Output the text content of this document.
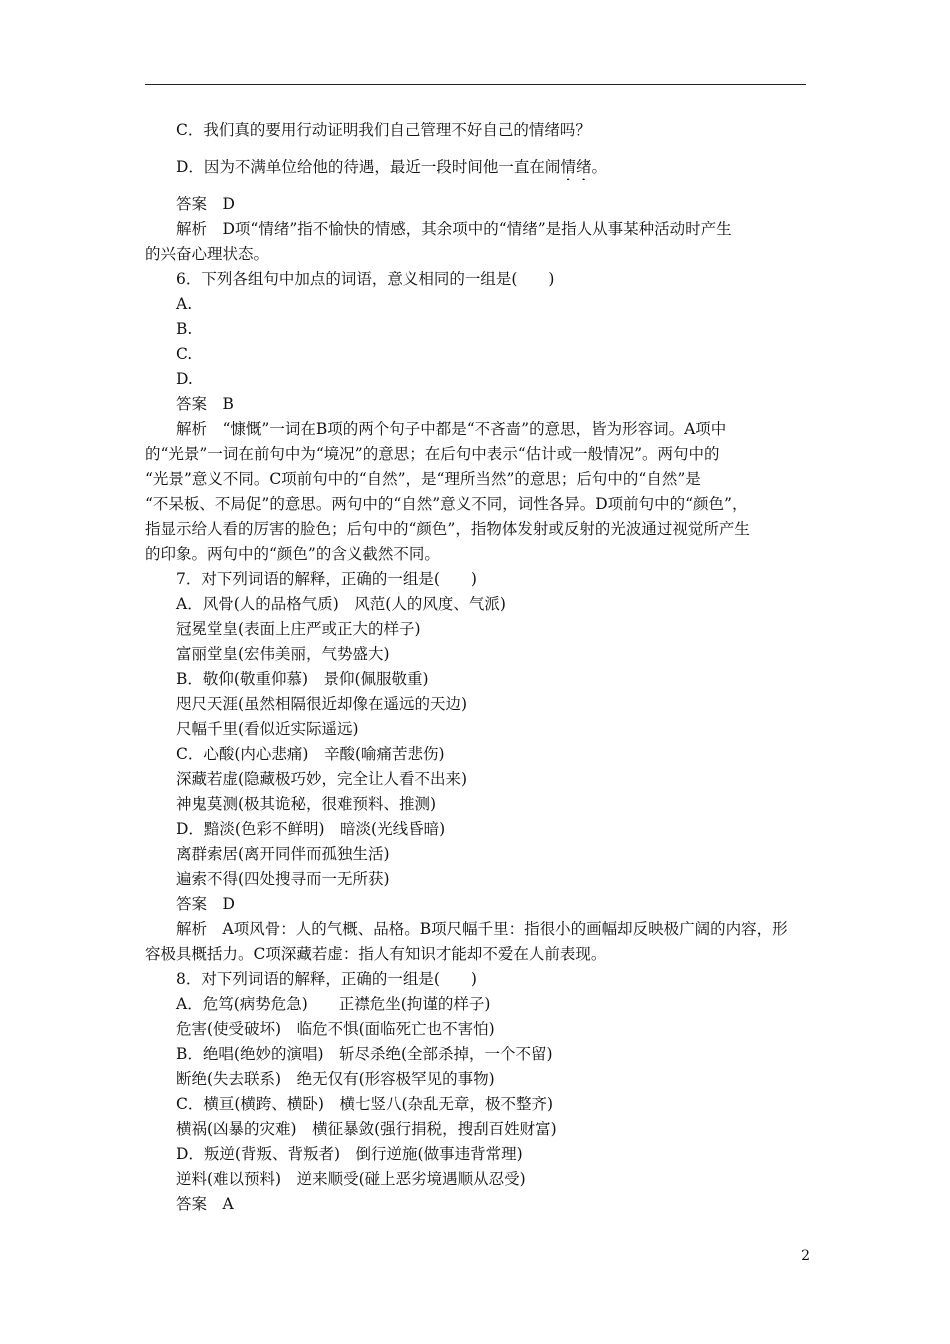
C．我们真的要用行动证明我们自己管理不好自己的情绪吗？
D．因为不满单位给他的待遇，最近一段时间他一直在闹情绪。
答案　D
解析　D项“情绪”指不愉快的情感，其余项中的“情绪”是指人从事某种活动时产生
的兴奋心理状态。
6．下列各组句中加点的词语，意义相同的一组是(　　)
A.
B.
C.
D.
答案　B
解析　“慷慨”一词在B项的两个句子中都是“不吝啬”的意思，皆为形容词。A项中
的“光景”一词在前句中为“境况”的意思；在后句中表示“估计或一般情况”。两句中的
“光景”意义不同。C项前句中的“自然”，是“理所当然”的意思；后句中的“自然”是
“不呆板、不局促”的意思。两句中的“自然”意义不同，词性各异。D项前句中的“颜色”，
指显示给人看的厉害的脸色；后句中的“颜色”，指物体发射或反射的光波通过视觉所产生
的印象。两句中的“颜色”的含义截然不同。
7．对下列词语的解释，正确的一组是(　　)
A．风骨(人的品格气质)　风范(人的风度、气派)
冠冕堂皇(表面上庄严或正大的样子)
富丽堂皇(宏伟美丽，气势盛大)
B．敬仰(敬重仰慕)　景仰(佩服敬重)
咫尺天涯(虽然相隔很近却像在遥远的天边)
尺幅千里(看似近实际遥远)
C．心酸(内心悲痛)　辛酸(喻痛苦悲伤)
深藏若虚(隐藏极巧妙，完全让人看不出来)
神鬼莫测(极其诡秘，很难预料、推测)
D．黯淡(色彩不鲜明)　暗淡(光线昏暗)
离群索居(离开同伴而孤独生活)
遍索不得(四处搜寻而一无所获)
答案　D
解析　A项风骨：人的气概、品格。B项尺幅千里：指很小的画幅却反映极广阔的内容，形
容极具概括力。C项深藏若虚：指人有知识才能却不爱在人前表现。
8．对下列词语的解释，正确的一组是(　　)
A．危笃(病势危急)　　正襟危坐(拘谨的样子)
危害(使受破坏)　临危不惧(面临死亡也不害怕)
B．绝唱(绝妙的演唱)　斩尽杀绝(全部杀掉，一个不留)
断绝(失去联系)　绝无仅有(形容极罕见的事物)
C．横亘(横跨、横卧)　横七竖八(杂乱无章，极不整齐)
横祸(凶暴的灾难)　横征暴敛(强行捐税，搜刮百姓财富)
D．叛逆(背叛、背叛者)　倒行逆施(做事违背常理)
逆料(难以预料)　逆来顺受(碰上恶劣境遇顺从忍受)
答案　A
2
